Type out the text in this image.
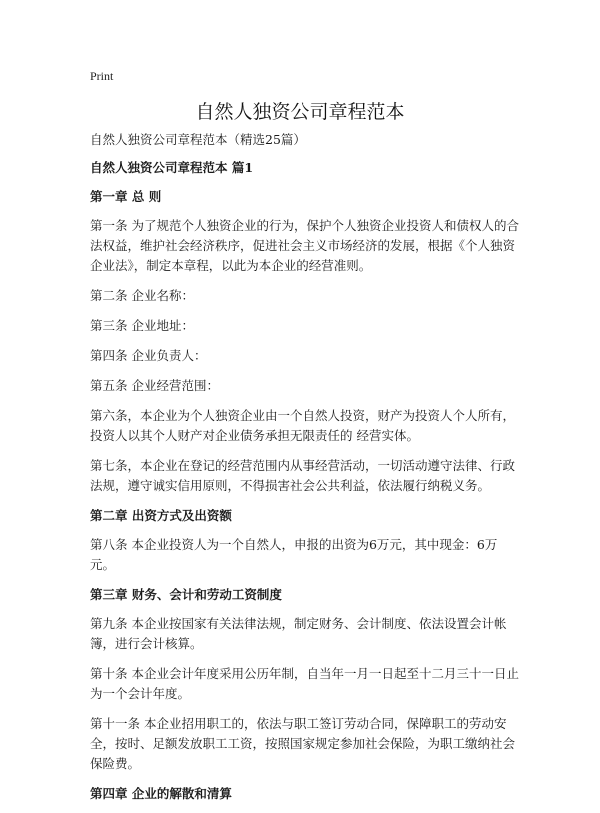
Print
自然人独资公司章程范本

自然人独资公司章程范本（精选25篇）

自然人独资公司章程范本 篇1

第一章 总 则

第一条 为了规范个人独资企业的行为，保护个人独资企业投资人和债权人的合法权益，维护社会经济秩序，促进社会主义市场经济的发展，根据《个人独资企业法》，制定本章程，以此为本企业的经营准则。

第二条 企业名称：

第三条 企业地址：

第四条 企业负责人：

第五条 企业经营范围：

第六条，本企业为个人独资企业由一个自然人投资，财产为投资人个人所有，投资人以其个人财产对企业债务承担无限责任的 经营实体。

第七条，本企业在登记的经营范围内从事经营活动，一切活动遵守法律、行政法规，遵守诚实信用原则，不得损害社会公共利益，依法履行纳税义务。

第二章 出资方式及出资额

第八条 本企业投资人为一个自然人，申报的出资为6万元，其中现金：6万元。

第三章 财务、会计和劳动工资制度

第九条 本企业按国家有关法律法规，制定财务、会计制度、依法设置会计帐簿，进行会计核算。

第十条 本企业会计年度采用公历年制，自当年一月一日起至十二月三十一日止为一个会计年度。

第十一条 本企业招用职工的，依法与职工签订劳动合同，保障职工的劳动安全，按时、足额发放职工工资，按照国家规定参加社会保险，为职工缴纳社会保险费。

第四章 企业的解散和清算
